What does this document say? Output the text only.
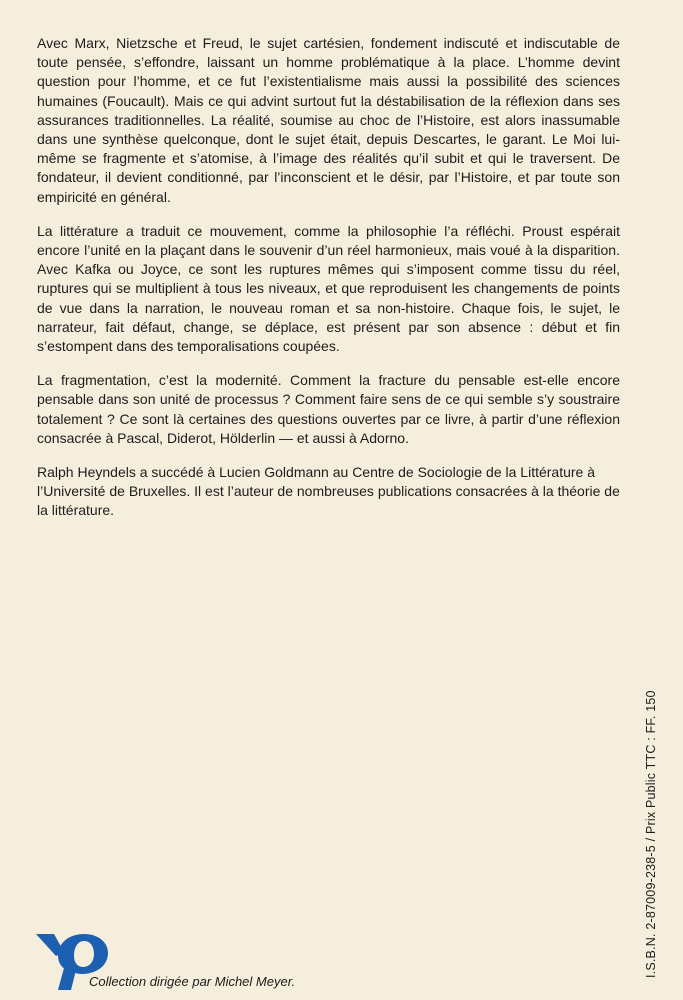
Avec Marx, Nietzsche et Freud, le sujet cartésien, fondement indiscuté et indiscutable de toute pensée, s’effondre, laissant un homme problématique à la place. L’homme devint question pour l’homme, et ce fut l’existentialisme mais aussi la possibilité des sciences humaines (Foucault). Mais ce qui advint surtout fut la déstabilisation de la réflexion dans ses assurances traditionnelles. La réalité, soumise au choc de l’Histoire, est alors inassumable dans une synthèse quelconque, dont le sujet était, depuis Descartes, le garant. Le Moi lui-même se fragmente et s’atomise, à l’image des réalités qu’il subit et qui le traversent. De fondateur, il devient conditionné, par l’inconscient et le désir, par l’Histoire, et par toute son empiricité en général.

La littérature a traduit ce mouvement, comme la philosophie l’a réfléchi. Proust espérait encore l’unité en la plaçant dans le souvenir d’un réel harmonieux, mais voué à la disparition. Avec Kafka ou Joyce, ce sont les ruptures mêmes qui s’imposent comme tissu du réel, ruptures qui se multiplient à tous les niveaux, et que reproduisent les changements de points de vue dans la narration, le nouveau roman et sa non-histoire. Chaque fois, le sujet, le narrateur, fait défaut, change, se déplace, est présent par son absence : début et fin s’estompent dans des temporalisations coupées.

La fragmentation, c’est la modernité. Comment la fracture du pensable est-elle encore pensable dans son unité de processus ? Comment faire sens de ce qui semble s’y soustraire totalement ? Ce sont là certaines des questions ouvertes par ce livre, à partir d’une réflexion consacrée à Pascal, Diderot, Hölderlin — et aussi à Adorno.

Ralph Heyndels a succédé à Lucien Goldmann au Centre de Sociologie de la Littérature à l’Université de Bruxelles. Il est l’auteur de nombreuses publications consacrées à la théorie de la littérature.

I.S.B.N. 2-87009-238-5 / Prix Public TTC : FF. 150
Collection dirigée par Michel Meyer.
